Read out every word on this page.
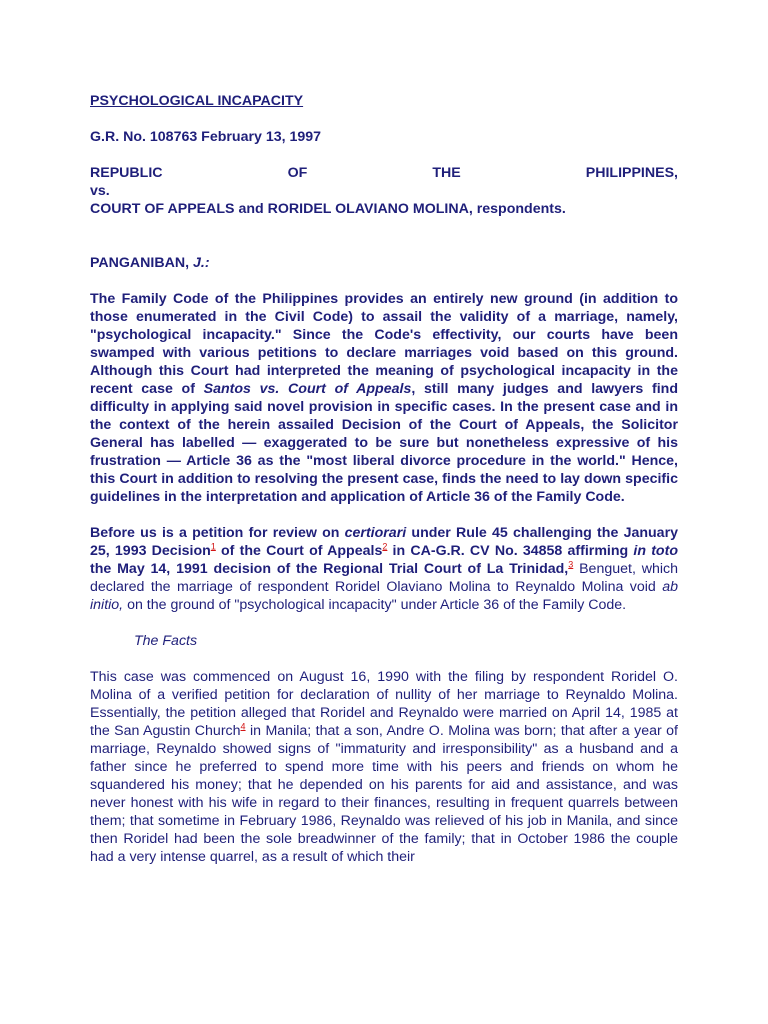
PSYCHOLOGICAL INCAPACITY
G.R. No. 108763 February 13, 1997
REPUBLIC	OF	THE	PHILIPPINES,
vs.
COURT OF APPEALS and RORIDEL OLAVIANO MOLINA, respondents.
PANGANIBAN, J.:

The Family Code of the Philippines provides an entirely new ground (in addition to those enumerated in the Civil Code) to assail the validity of a marriage, namely, "psychological incapacity." Since the Code's effectivity, our courts have been swamped with various petitions to declare marriages void based on this ground. Although this Court had interpreted the meaning of psychological incapacity in the recent case of Santos vs. Court of Appeals, still many judges and lawyers find difficulty in applying said novel provision in specific cases. In the present case and in the context of the herein assailed Decision of the Court of Appeals, the Solicitor General has labelled — exaggerated to be sure but nonetheless expressive of his frustration — Article 36 as the "most liberal divorce procedure in the world." Hence, this Court in addition to resolving the present case, finds the need to lay down specific guidelines in the interpretation and application of Article 36 of the Family Code.

Before us is a petition for review on certiorari under Rule 45 challenging the January 25, 1993 Decision$^1$ of the Court of Appeals$^2$ in CA-G.R. CV No. 34858 affirming in toto the May 14, 1991 decision of the Regional Trial Court of La Trinidad,$^3$ Benguet, which declared the marriage of respondent Roridel Olaviano Molina to Reynaldo Molina void ab initio, on the ground of "psychological incapacity" under Article 36 of the Family Code.

The Facts

This case was commenced on August 16, 1990 with the filing by respondent Roridel O. Molina of a verified petition for declaration of nullity of her marriage to Reynaldo Molina. Essentially, the petition alleged that Roridel and Reynaldo were married on April 14, 1985 at the San Agustin Church$^4$ in Manila; that a son, Andre O. Molina was born; that after a year of marriage, Reynaldo showed signs of "immaturity and irresponsibility" as a husband and a father since he preferred to spend more time with his peers and friends on whom he squandered his money; that he depended on his parents for aid and assistance, and was never honest with his wife in regard to their finances, resulting in frequent quarrels between them; that sometime in February 1986, Reynaldo was relieved of his job in Manila, and since then Roridel had been the sole breadwinner of the family; that in October 1986 the couple had a very intense quarrel, as a result of which their
